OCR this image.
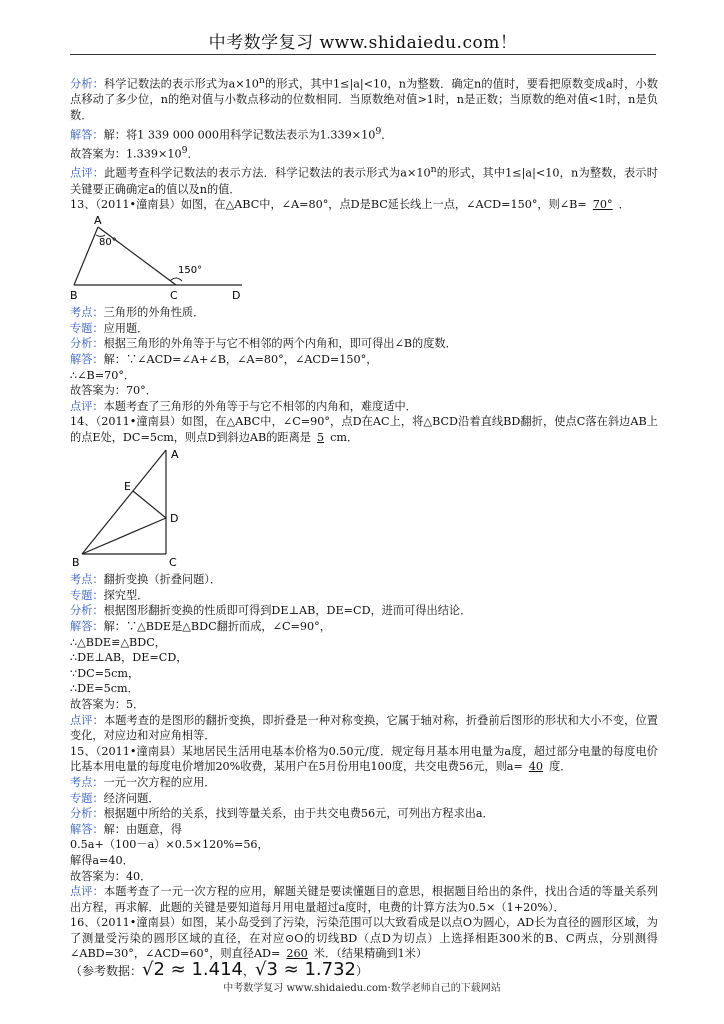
中考数学复习 www.shidaiedu.com！

分析：科学记数法的表示形式为$a\times 10^n$的形式，其中1≤|a|<10，n为整数．确定n的值时，要看把原数变成a时，小数点移动了多少位，n的绝对值与小数点移动的位数相同．当原数绝对值>1时，n是正数；当原数的绝对值<1时，n是负数．

解答：解：将1 339 000 000用科学记数法表示为$1.339\times 10^9$．

故答案为：$1.339\times 10^9$．

点评：此题考查科学记数法的表示方法．科学记数法的表示形式为$a\times 10^n$的形式，其中1≤|a|<10，n为整数，表示时关键要正确确定a的值以及n的值．

13、（2011•潼南县）如图，在△ABC中，∠A=80°，点D是BC延长线上一点，∠ACD=150°，则∠B= 70° ．

A
80°
150°
B	C	D

考点：三角形的外角性质．

专题：应用题．

分析：根据三角形的外角等于与它不相邻的两个内角和，即可得出∠B的度数．

解答：解：∵∠ACD=∠A+∠B，∠A=80°，∠ACD=150°，

∴∠B=70°．

故答案为：70°．

点评：本题考查了三角形的外角等于与它不相邻的内角和，难度适中．

14、（2011•潼南县）如图，在△ABC中，∠C=90°，点D在AC上，将△BCD沿着直线BD翻折，使点C落在斜边AB上的点E处，DC=5cm，则点D到斜边AB的距离是 5 cm．

A
E
D
B	C

考点：翻折变换（折叠问题）．

专题：探究型．

分析：根据图形翻折变换的性质即可得到DE⊥AB，DE=CD，进而可得出结论．

解答：解：∵△BDE是△BDC翻折而成，∠C=90°，

∴△BDE≌△BDC，

∴DE⊥AB，DE=CD，

∵DC=5cm，

∴DE=5cm．

故答案为：5．

点评：本题考查的是图形的翻折变换，即折叠是一种对称变换，它属于轴对称，折叠前后图形的形状和大小不变，位置变化，对应边和对应角相等．

15、（2011•潼南县）某地居民生活用电基本价格为0.50元/度．规定每月基本用电量为a度，超过部分电量的每度电价比基本用电量的每度电价增加20%收费，某用户在5月份用电100度，共交电费56元，则a= 40 度．

考点：一元一次方程的应用．

专题：经济问题．

分析：根据题中所给的关系，找到等量关系，由于共交电费56元，可列出方程求出a．

解答：解：由题意，得

0.5a+（100－a）×0.5×120%=56，

解得a=40．

故答案为：40．

点评：本题考查了一元一次方程的应用，解题关键是要读懂题目的意思，根据题目给出的条件，找出合适的等量关系列出方程，再求解．此题的关键是要知道每月用电量超过a度时，电费的计算方法为0.5×（1+20%）．

16、（2011•潼南县）如图，某小岛受到了污染，污染范围可以大致看成是以点O为圆心，AD长为直径的圆形区域，为了测量受污染的圆形区域的直径，在对应⊙O的切线BD（点D为切点）上选择相距300米的B、C两点，分别测得∠ABD=30°，∠ACD=60°，则直径AD= 260 米．（结果精确到1米）

（参考数据：√2 ≈ 1.414，√3 ≈ 1.732）

中考数学复习 www.shidaiedu.com·数学老师自己的下载网站
